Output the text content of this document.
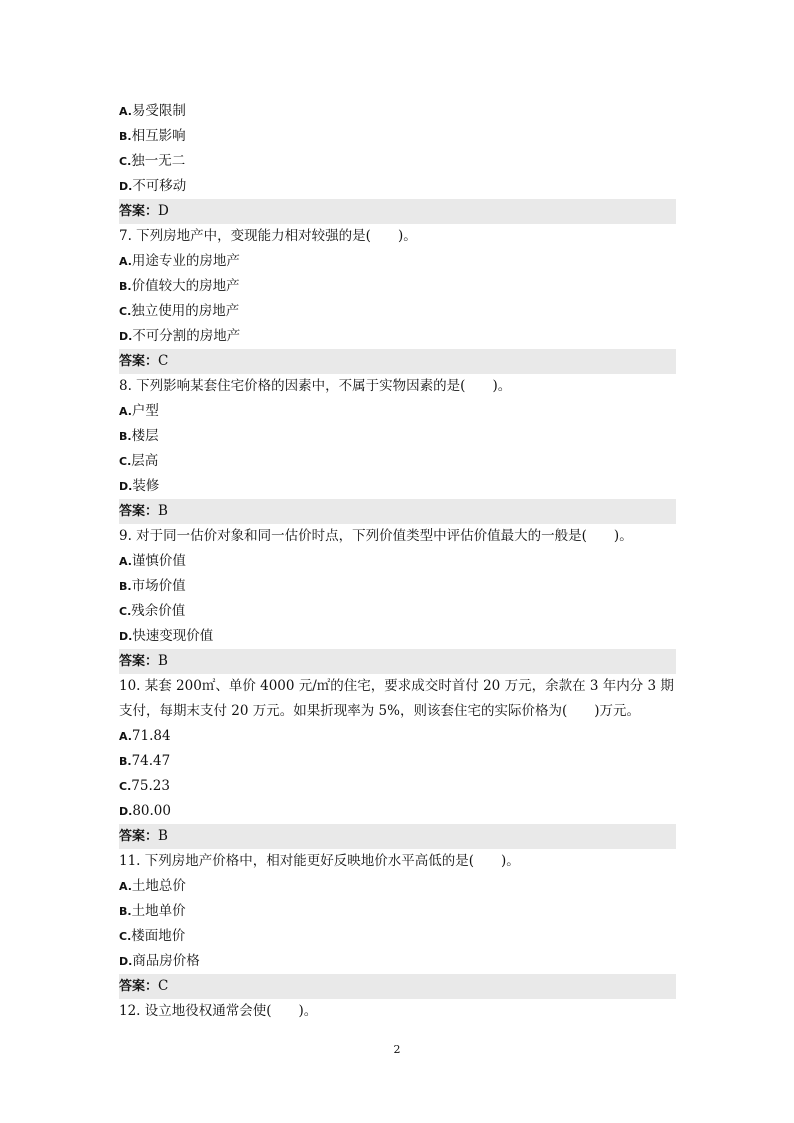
A.易受限制
B.相互影响
C.独一无二
D.不可移动
答案：D
7. 下列房地产中，变现能力相对较强的是(　　)。
A.用途专业的房地产
B.价值较大的房地产
C.独立使用的房地产
D.不可分割的房地产
答案：C
8. 下列影响某套住宅价格的因素中，不属于实物因素的是(　　)。
A.户型
B.楼层
C.层高
D.装修
答案：B
9. 对于同一估价对象和同一估价时点，下列价值类型中评估价值最大的一般是(　　)。
A.谨慎价值
B.市场价值
C.残余价值
D.快速变现价值
答案：B
10. 某套 200㎡、单价 4000 元/㎡的住宅，要求成交时首付 20 万元，余款在 3 年内分 3 期
支付，每期末支付 20 万元。如果折现率为 5%，则该套住宅的实际价格为(　　)万元。
A.71.84
B.74.47
C.75.23
D.80.00
答案：B
11. 下列房地产价格中，相对能更好反映地价水平高低的是(　　)。
A.土地总价
B.土地单价
C.楼面地价
D.商品房价格
答案：C
12. 设立地役权通常会使(　　)。
2
